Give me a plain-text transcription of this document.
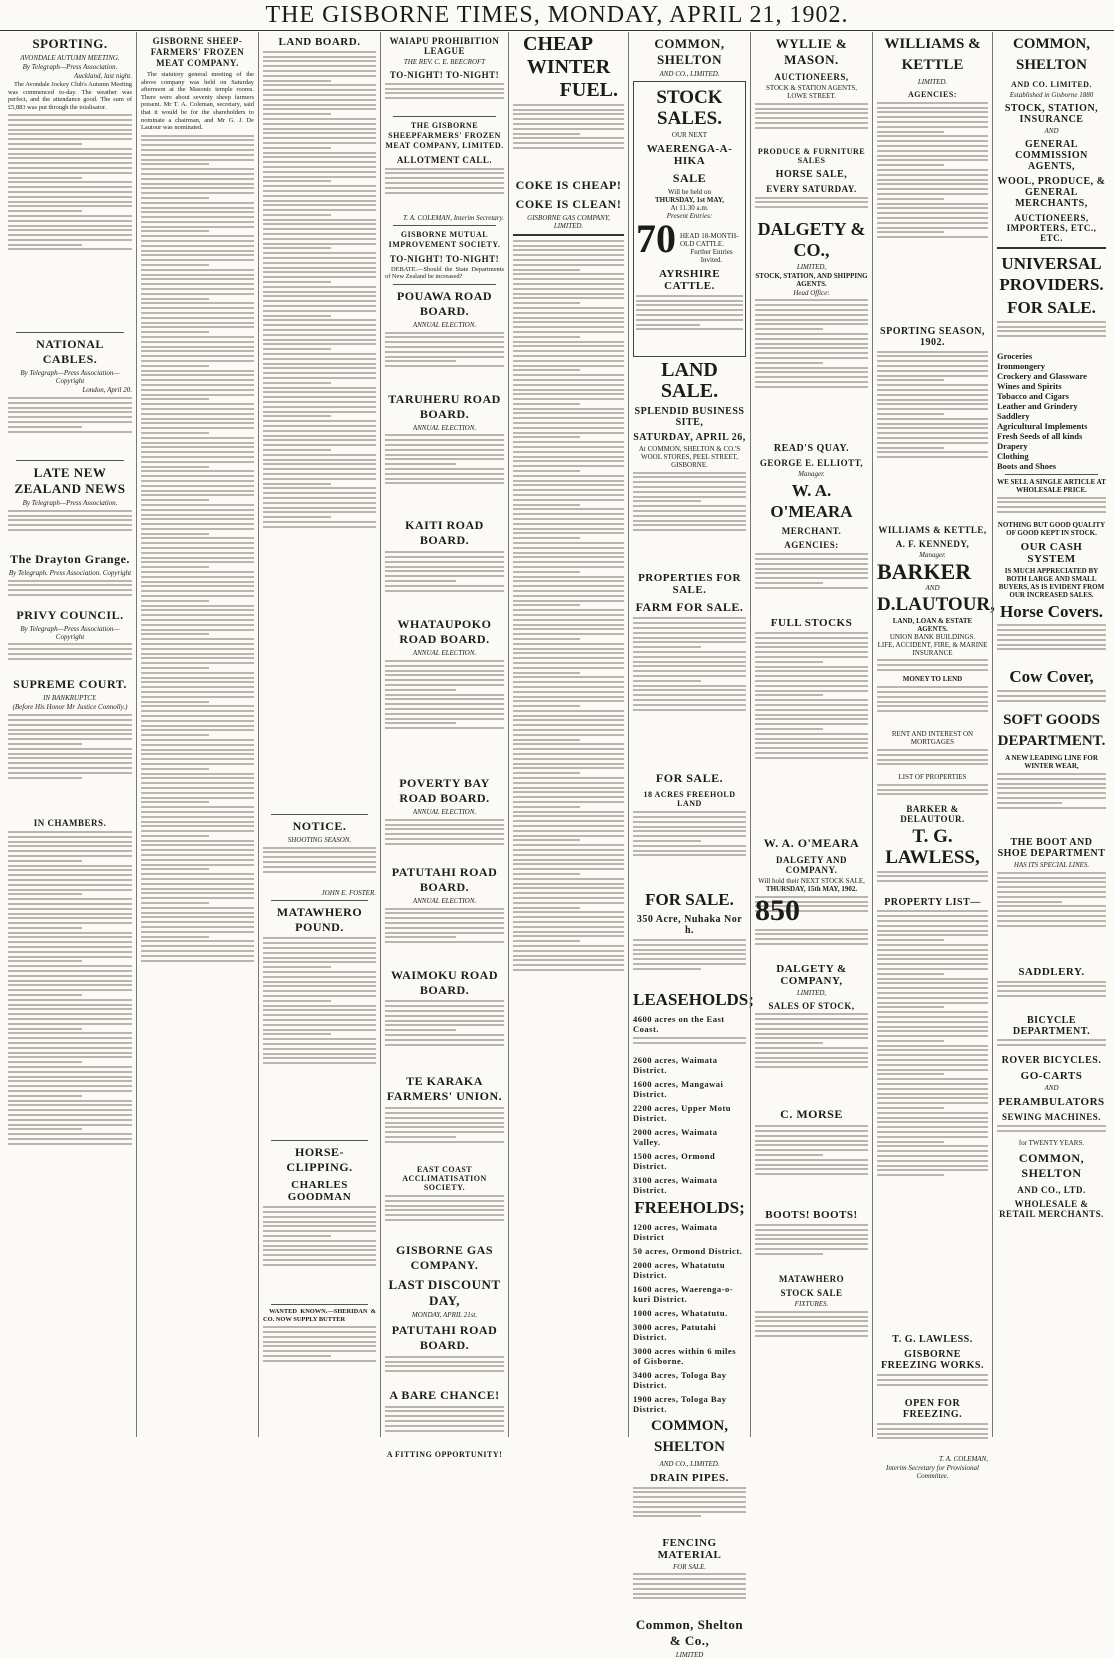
THE GISBORNE TIMES, MONDAY, APRIL 21, 1902.
SPORTING.
AVONDALE AUTUMN MEETING.
By Telegraph—Press Association.
Auckland, last night.

The Avondale Jockey Club's Autumn Meeting was commenced to-day. The weather was perfect, and the attendance good. The sum of £5,883 was put through the totalisator.

NATIONAL CABLES.
By Telegraph—Press Association—Copyright
London, April 20.
LATE NEW ZEALAND NEWS
By Telegraph—Press Association.
The Drayton Grange.
By Telegraph. Press Association. Copyright
PRIVY COUNCIL.
By Telegraph—Press Association—Copyright
SUPREME COURT.
IN BANKRUPTCY.
(Before His Honor Mr Justice Connolly.)
IN CHAMBERS.
GISBORNE SHEEP-FARMERS' FROZEN MEAT COMPANY.

The statutory general meeting of the above company was held on Saturday afternoon at the Masonic temple rooms. There were about seventy sheep farmers present. Mr T. A. Coleman, secretary, said that it would be for the shareholders to nominate a chairman, and Mr G. J. De Lautour was nominated.

LAND BOARD.
NOTICE.
SHOOTING SEASON.
JOHN E. FOSTER.
MATAWHERO POUND.
HORSE-CLIPPING.
CHARLES GOODMAN

WANTED KNOWN.—SHERIDAN & CO. NOW SUPPLY BUTTER

WAIAPU PROHIBITION LEAGUE
THE REV. C. E. BEECROFT
TO-NIGHT! TO-NIGHT!
THE GISBORNE SHEEPFARMERS' FROZEN MEAT COMPANY, LIMITED.
ALLOTMENT CALL.
T. A. COLEMAN, Interim Secretary.
GISBORNE MUTUAL IMPROVEMENT SOCIETY.
TO-NIGHT! TO-NIGHT!

DEBATE.—Should the State Departments of New Zealand be increased?

POUAWA ROAD BOARD.
ANNUAL ELECTION.
TARUHERU ROAD BOARD.
ANNUAL ELECTION.
KAITI ROAD BOARD.
WHATAUPOKO ROAD BOARD.
ANNUAL ELECTION.
POVERTY BAY ROAD BOARD.
ANNUAL ELECTION.
PATUTAHI ROAD BOARD.
ANNUAL ELECTION.
WAIMOKU ROAD BOARD.
TE KARAKA FARMERS' UNION.
EAST COAST ACCLIMATISATION SOCIETY.
GISBORNE GAS COMPANY.
LAST DISCOUNT DAY,
MONDAY, APRIL 21st.
PATUTAHI ROAD BOARD.
A BARE CHANCE!
A FITTING OPPORTUNITY!
CHEAP
WINTER
FUEL.
COKE IS CHEAP!
COKE IS CLEAN!
GISBORNE GAS COMPANY, LIMITED.
COMMON, SHELTON
AND CO., LIMITED.
STOCK SALES.
OUR NEXT
WAERENGA-A-HIKA
SALE
Will be held on
THURSDAY, 1st MAY,
At 11.30 a.m.
Present Entries:
70 HEAD 18-MONTH-OLD CATTLE.
Further Entries Invited.
AYRSHIRE CATTLE.
LAND SALE.
SPLENDID BUSINESS SITE,
SATURDAY, APRIL 26,
At COMMON, SHELTON & CO.'S WOOL STORES, PEEL STREET, GISBORNE.
PROPERTIES FOR SALE.
FARM FOR SALE.
FOR SALE.
18 ACRES FREEHOLD LAND
FOR SALE.
350 Acre, Nuhaka Nor h.
LEASEHOLDS;
4600 acres on the East Coast.
2600 acres, Waimata District.
1600 acres, Mangawai District.
2200 acres, Upper Motu District.
2000 acres, Waimata Valley.
1500 acres, Ormond District.
3100 acres, Waimata District.
FREEHOLDS;
1200 acres, Waimata District
50 acres, Ormond District.
2000 acres, Whatatutu District.
1600 acres, Waerenga-o-kuri District.
1000 acres, Whatatutu.
3000 acres, Patutahi District.
3000 acres within 6 miles of Gisborne.
3400 acres, Tologa Bay District.
1900 acres, Tologa Bay District.
COMMON, SHELTON
AND CO., LIMITED.
DRAIN PIPES.
FENCING MATERIAL
FOR SALE.
Common, Shelton & Co.,
LIMITED
WYLLIE & MASON.
AUCTIONEERS,
STOCK & STATION AGENTS,
LOWE STREET.
PRODUCE & FURNITURE SALES
HORSE SALE,
EVERY SATURDAY.
DALGETY & CO.,
LIMITED,
STOCK, STATION, AND SHIPPING AGENTS.
Head Office:
READ'S QUAY.
GEORGE E. ELLIOTT,
Manager.
W. A. O'MEARA
MERCHANT.
AGENCIES:
FULL STOCKS
W. A. O'MEARA
DALGETY AND COMPANY.
Will hold their NEXT STOCK SALE,
THURSDAY, 15th MAY, 1902.
850
DALGETY & COMPANY,
LIMITED,
SALES OF STOCK,
C. MORSE
BOOTS! BOOTS!
MATAWHERO
STOCK SALE
FIXTURES.
WILLIAMS & KETTLE
LIMITED.
AGENCIES:
SPORTING SEASON, 1902.
WILLIAMS & KETTLE,
A. F. KENNEDY,
Manager.
BARKER
AND
D.LAUTOUR,
LAND, LOAN & ESTATE AGENTS.
UNION BANK BUILDINGS.
LIFE, ACCIDENT, FIRE, & MARINE INSURANCE
MONEY TO LEND
RENT AND INTEREST ON MORTGAGES
LIST OF PROPERTIES
BARKER & DELAUTOUR.
T. G. LAWLESS,
PROPERTY LIST—
T. G. LAWLESS.
GISBORNE FREEZING WORKS.
OPEN FOR FREEZING.
T. A. COLEMAN,
Interim Secretary for Provisional Committee.
COMMON, SHELTON
AND CO. LIMITED.
Established in Gisborne 1880
STOCK, STATION, INSURANCE
AND
GENERAL COMMISSION AGENTS,
WOOL, PRODUCE, & GENERAL MERCHANTS,
AUCTIONEERS, IMPORTERS, ETC., ETC.
UNIVERSAL PROVIDERS.
FOR SALE.
Groceries
Ironmongery
Crockery and Glassware
Wines and Spirits
Tobacco and Cigars
Leather and Grindery
Saddlery
Agricultural Implements
Fresh Seeds of all kinds
Drapery
Clothing
Boots and Shoes
WE SELL A SINGLE ARTICLE AT WHOLESALE PRICE.
NOTHING BUT GOOD QUALITY OF GOOD KEPT IN STOCK.
OUR CASH SYSTEM
IS MUCH APPRECIATED BY BOTH LARGE AND SMALL BUYERS, AS IS EVIDENT FROM OUR INCREASED SALES.
Horse Covers.
Cow Cover,
SOFT GOODS DEPARTMENT.
A NEW LEADING LINE FOR WINTER WEAR,
THE BOOT AND SHOE DEPARTMENT
HAS ITS SPECIAL LINES.
SADDLERY.
BICYCLE DEPARTMENT.
ROVER BICYCLES.
GO-CARTS
AND
PERAMBULATORS
SEWING MACHINES.
for TWENTY YEARS.
COMMON, SHELTON
AND CO., LTD.
WHOLESALE & RETAIL MERCHANTS.
